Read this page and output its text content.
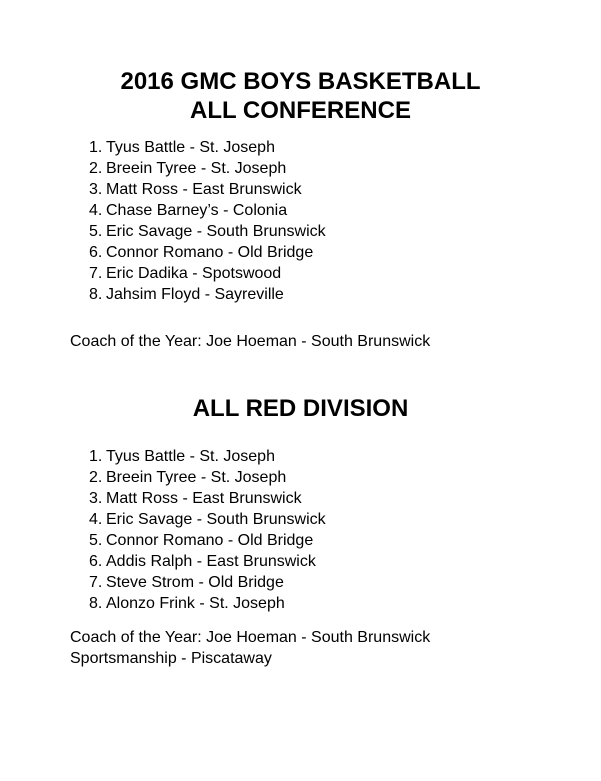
2016 GMC BOYS BASKETBALL
ALL CONFERENCE
1. Tyus Battle - St. Joseph
2. Breein Tyree - St. Joseph
3. Matt Ross - East Brunswick
4. Chase Barney’s - Colonia
5. Eric Savage - South Brunswick
6. Connor Romano - Old Bridge
7. Eric Dadika - Spotswood
8. Jahsim Floyd - Sayreville
Coach of the Year: Joe Hoeman - South Brunswick
ALL RED DIVISION
1. Tyus Battle - St. Joseph
2. Breein Tyree - St. Joseph
3. Matt Ross - East Brunswick
4. Eric Savage - South Brunswick
5. Connor Romano - Old Bridge
6. Addis Ralph - East Brunswick
7. Steve Strom - Old Bridge
8. Alonzo Frink - St. Joseph
Coach of the Year: Joe Hoeman - South Brunswick
Sportsmanship - Piscataway
